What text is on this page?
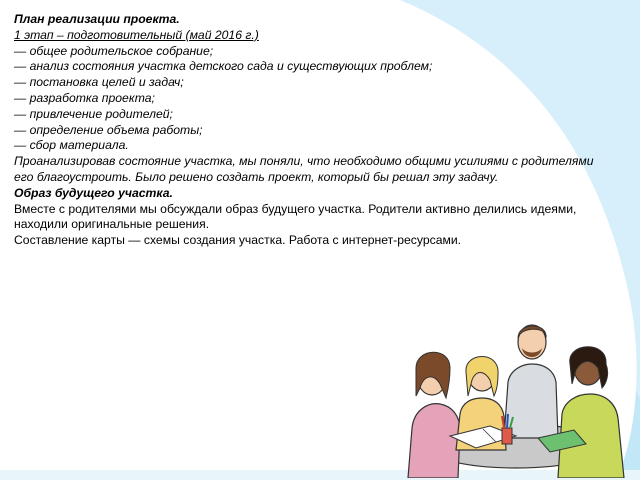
План реализации проекта.

1 этап – подготовительный (май 2016 г.)

— общее родительское собрание;

— анализ состояния участка детского сада и существующих проблем;

— постановка целей и задач;

— разработка проекта;

— привлечение родителей;

— определение объема работы;

— сбор материала.

Проанализировав состояние участка, мы поняли, что необходимо общими усилиями с родителями его благоустроить. Было решено создать проект, который бы решал эту задачу.

Образ будущего участка.

Вместе с родителями мы обсуждали образ будущего участка. Родители активно делились идеями, находили оригинальные решения.

Составление карты — схемы создания участка. Работа с интернет-ресурсами.
